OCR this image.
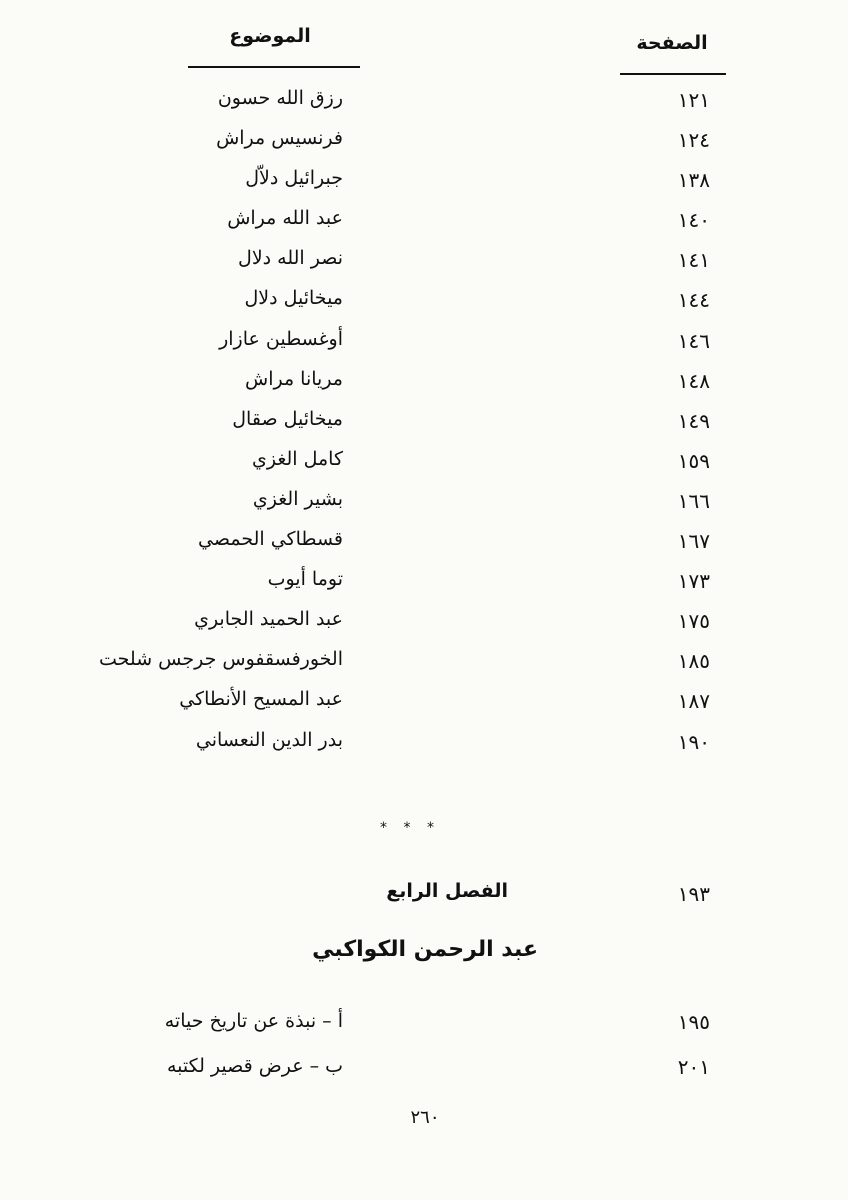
الموضوع	الصفحة
رزق الله حسون	١٢١
فرنسيس مراش	١٢٤
جبرائيل دلاّل	١٣٨
عبد الله مراش	١٤٠
نصر الله دلال	١٤١
ميخائيل دلال	١٤٤
أوغسطين عازار	١٤٦
مريانا مراش	١٤٨
ميخائيل صقال	١٤٩
كامل الغزي	١٥٩
بشير الغزي	١٦٦
قسطاكي الحمصي	١٦٧
توما أيوب	١٧٣
عبد الحميد الجابري	١٧٥
الخورفسقفوس جرجس شلحت	١٨٥
عبد المسيح الأنطاكي	١٨٧
بدر الدين النعساني	١٩٠
* * *
الفصل الرابع	١٩٣
عبد الرحمن الكواكبي
أ – نبذة عن تاريخ حياته	١٩٥
ب – عرض قصير لكتبه	٢٠١
٢٦٠
